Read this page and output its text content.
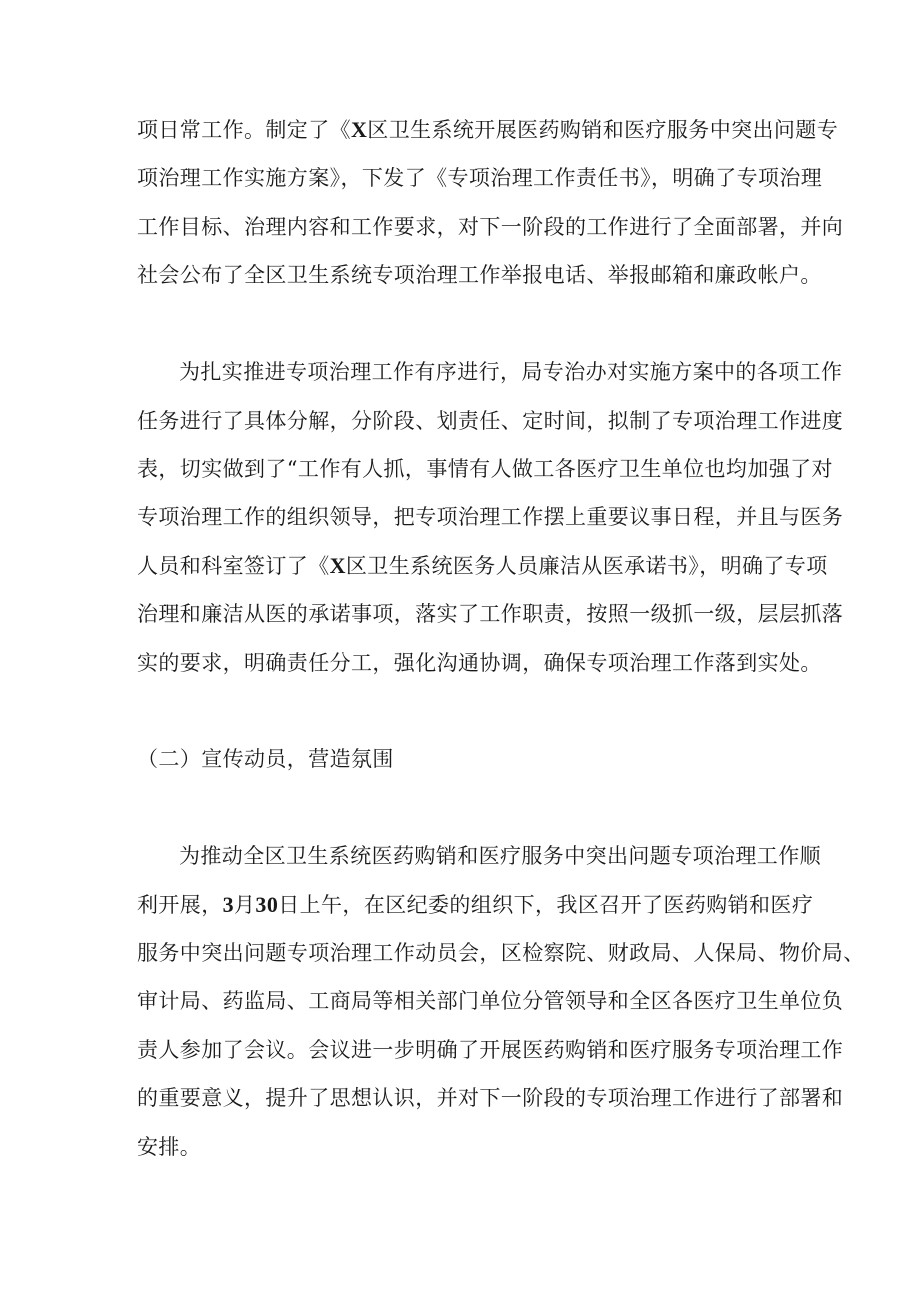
项日常工作。制定了《X区卫生系统开展医药购销和医疗服务中突出问题专
项治理工作实施方案》，下发了《专项治理工作责任书》，明确了专项治理
工作目标、治理内容和工作要求，对下一阶段的工作进行了全面部署，并向
社会公布了全区卫生系统专项治理工作举报电话、举报邮箱和廉政帐户。
为扎实推进专项治理工作有序进行，局专治办对实施方案中的各项工作
任务进行了具体分解，分阶段、划责任、定时间，拟制了专项治理工作进度
表，切实做到了“工作有人抓，事情有人做工各医疗卫生单位也均加强了对
专项治理工作的组织领导，把专项治理工作摆上重要议事日程，并且与医务
人员和科室签订了《X区卫生系统医务人员廉洁从医承诺书》，明确了专项
治理和廉洁从医的承诺事项，落实了工作职责，按照一级抓一级，层层抓落
实的要求，明确责任分工，强化沟通协调，确保专项治理工作落到实处。
（二）宣传动员，营造氛围
为推动全区卫生系统医药购销和医疗服务中突出问题专项治理工作顺
利开展，3月30日上午，在区纪委的组织下，我区召开了医药购销和医疗
服务中突出问题专项治理工作动员会，区检察院、财政局、人保局、物价局、
审计局、药监局、工商局等相关部门单位分管领导和全区各医疗卫生单位负
责人参加了会议。会议进一步明确了开展医药购销和医疗服务专项治理工作
的重要意义，提升了思想认识，并对下一阶段的专项治理工作进行了部署和
安排。
